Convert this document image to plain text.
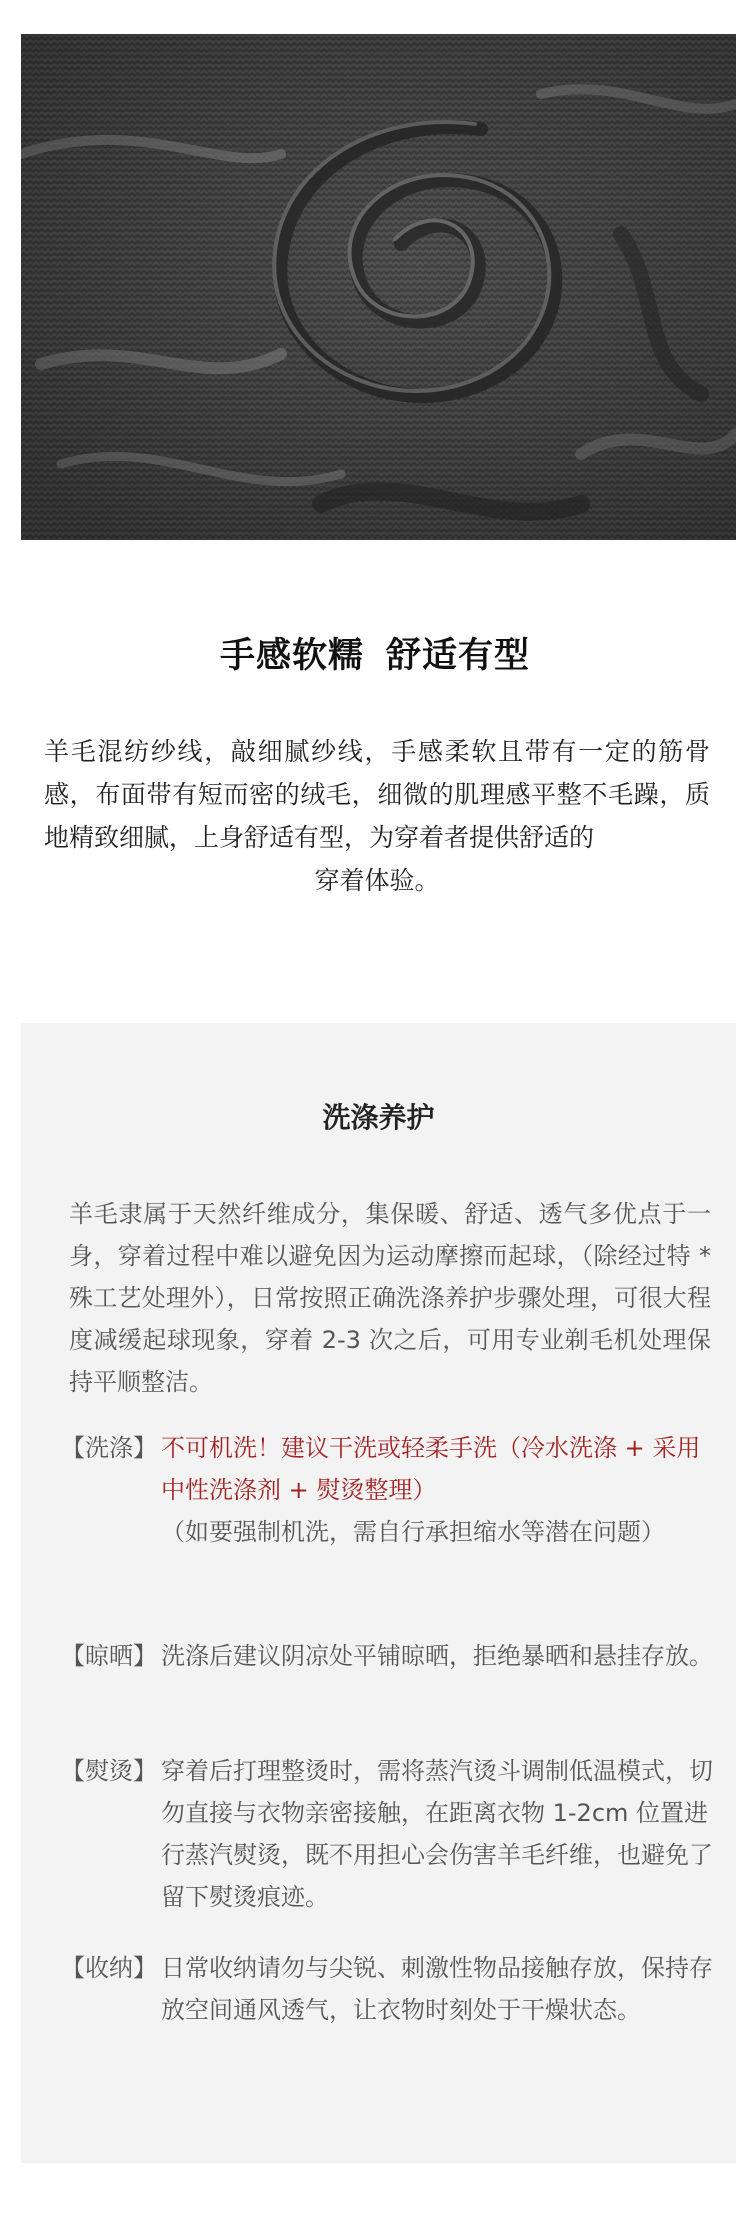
手感软糯 舒适有型

羊毛混纺纱线，敲细腻纱线，手感柔软且带有一定的筋骨感，布面带有短而密的绒毛，细微的肌理感平整不毛躁，质地精致细腻，上身舒适有型，为穿着者提供舒适的
穿着体验。

洗涤养护

羊毛隶属于天然纤维成分，集保暖、舒适、透气多优点于一身，穿着过程中难以避免因为运动摩擦而起球，（除经过特 * 殊工艺处理外），日常按照正确洗涤养护步骤处理，可很大程度减缓起球现象，穿着 2-3 次之后，可用专业剃毛机处理保持平顺整洁。

【洗涤】 不可机洗！建议干洗或轻柔手洗（冷水洗涤 + 采用中性洗涤剂 + 熨烫整理）
（如要强制机洗，需自行承担缩水等潜在问题）
【晾晒】 洗涤后建议阴凉处平铺晾晒，拒绝暴晒和悬挂存放。
【熨烫】 穿着后打理整烫时，需将蒸汽烫斗调制低温模式，切勿直接与衣物亲密接触，在距离衣物 1-2cm 位置进行蒸汽熨烫，既不用担心会伤害羊毛纤维，也避免了留下熨烫痕迹。
【收纳】 日常收纳请勿与尖锐、刺激性物品接触存放，保持存放空间通风透气，让衣物时刻处于干燥状态。
